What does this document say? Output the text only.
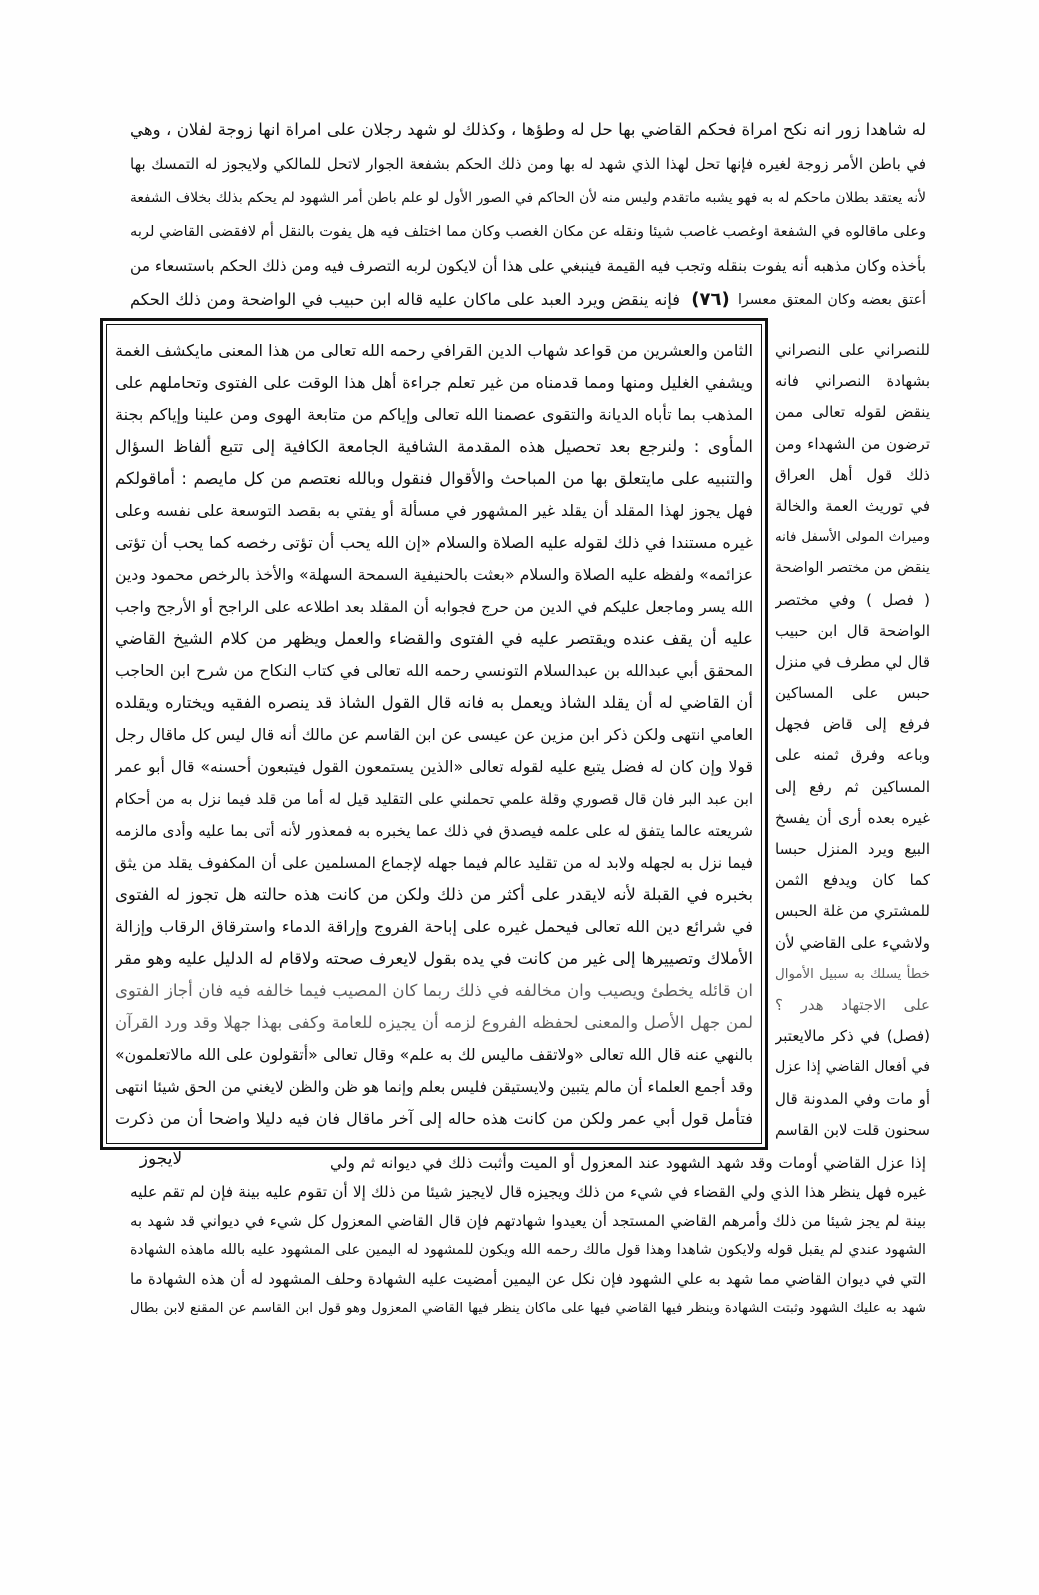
له شاهدا زور انه نكح امراة فحكم القاضي بها حل له وطؤها ، وكذلك لو شهد رجلان على امراة انها زوجة لفلان ، وهي
في باطن الأمر زوجة لغيره فإنها تحل لهذا الذي شهد له بها ومن ذلك الحكم بشفعة الجوار لاتحل للمالكي ولايجوز له التمسك بها
لأنه يعتقد بطلان ماحكم له به فهو يشبه ماتقدم وليس منه لأن الحاكم في الصور الأول لو علم باطن أمر الشهود لم يحكم بذلك بخلاف الشفعة
وعلى ماقالوه في الشفعة اوغصب غاصب شيئا ونقله عن مكان الغصب وكان مما اختلف فيه هل يفوت بالنقل أم لافقضى القاضي لربه
بأخذه وكان مذهبه أنه يفوت بنقله وتجب فيه القيمة فينبغي على هذا أن لايكون لربه التصرف فيه ومن ذلك الحكم باستسعاء من
أعتق بعضه وكان المعتق معسرا
(٧٦)
فإنه ينقض ويرد العبد على ماكان عليه قاله ابن حبيب في الواضحة ومن ذلك الحكم
الثامن والعشرين من قواعد شهاب الدين القرافي رحمه الله تعالى من هذا المعنى مايكشف الغمة
ويشفي الغليل ومنها ومما قدمناه من غير تعلم جراءة أهل هذا الوقت على الفتوى وتحاملهم على
المذهب بما تأباه الديانة والتقوى عصمنا الله تعالى وإياكم من متابعة الهوى ومن علينا وإياكم بجنة
المأوى : ولنرجع بعد تحصيل هذه المقدمة الشافية الجامعة الكافية إلى تتبع ألفاظ السؤال
والتنبيه على مايتعلق بها من المباحث والأقوال فنقول وبالله نعتصم من كل مايصم : أماقولكم
فهل يجوز لهذا المقلد أن يقلد غير المشهور في مسألة أو يفتي به بقصد التوسعة على نفسه وعلى
غيره مستندا في ذلك لقوله عليه الصلاة والسلام «إن الله يحب أن تؤتى رخصه كما يحب أن تؤتى
عزائمه» ولفظه عليه الصلاة والسلام «بعثت بالحنيفية السمحة السهلة» والأخذ بالرخص محمود ودين
الله يسر وماجعل عليكم في الدين من حرج فجوابه أن المقلد بعد اطلاعه على الراجح أو الأرجح واجب
عليه أن يقف عنده ويقتصر عليه في الفتوى والقضاء والعمل ويظهر من كلام الشيخ القاضي
المحقق أبي عبدالله بن عبدالسلام التونسي رحمه الله تعالى في كتاب النكاح من شرح ابن الحاجب
أن القاضي له أن يقلد الشاذ ويعمل به فانه قال القول الشاذ قد ينصره الفقيه ويختاره ويقلده
العامي انتهى ولكن ذكر ابن مزين عن عيسى عن ابن القاسم عن مالك أنه قال ليس كل ماقال رجل
قولا وإن كان له فضل يتبع عليه لقوله تعالى «الذين يستمعون القول فيتبعون أحسنه» قال أبو عمر
ابن عبد البر فان قال قصوري وقلة علمي تحملني على التقليد قيل له أما من قلد فيما نزل به من أحكام
شريعته عالما يتفق له على علمه فيصدق في ذلك عما يخبره به فمعذور لأنه أتى بما عليه وأدى مالزمه
فيما نزل به لجهله ولابد له من تقليد عالم فيما جهله لإجماع المسلمين على أن المكفوف يقلد من يثق
بخبره في القبلة لأنه لايقدر على أكثر من ذلك ولكن من كانت هذه حالته هل تجوز له الفتوى
في شرائع دين الله تعالى فيحمل غيره على إباحة الفروج وإراقة الدماء واسترقاق الرقاب وإزالة
الأملاك وتصييرها إلى غير من كانت في يده بقول لايعرف صحته ولاقام له الدليل عليه وهو مقر
ان قائله يخطئ ويصيب وان مخالفه في ذلك ربما كان المصيب فيما خالفه فيه فان أجاز الفتوى
لمن جهل الأصل والمعنى لحفظه الفروع لزمه أن يجيزه للعامة وكفى بهذا جهلا وقد ورد القرآن
بالنهي عنه قال الله تعالى «ولاتقف ماليس لك به علم» وقال تعالى «أتقولون على الله مالاتعلمون»
وقد أجمع العلماء أن مالم يتبين ولايستيقن فليس بعلم وإنما هو ظن والظن لايغني من الحق شيئا انتهى
فتأمل قول أبي عمر ولكن من كانت هذه حاله إلى آخر ماقال فان فيه دليلا واضحا أن من ذكرت
للنصراني على النصراني
بشهادة النصراني فانه
ينقض لقوله تعالى ممن
ترضون من الشهداء ومن
ذلك قول أهل العراق
في توريث العمة والخالة
وميراث المولى الأسفل فانه
ينقض من مختصر الواضحة
( فصل ) وفي مختصر
الواضحة قال ابن حبيب
قال لي مطرف في منزل
حبس على المساكين
فرفع إلى قاض فجهل
وباعه وفرق ثمنه على
المساكين ثم رفع إلى
غيره بعده أرى أن يفسخ
البيع ويرد المنزل حبسا
كما كان ويدفع الثمن
للمشتري من غلة الحبس
ولاشيء على القاضي لأن
خطأ يسلك به سبيل الأموال
على الاجتهاد هدر ؟
(فصل) في ذكر مالايعتبر
في أفعال القاضي إذا عزل
أو مات وفي المدونة قال
سحنون قلت لابن القاسم
إذا عزل القاضي أومات وقد شهد الشهود عند المعزول أو الميت وأثبت ذلك في ديوانه ثم ولي
لايجوز
غيره فهل ينظر هذا الذي ولي القضاء في شيء من ذلك ويجيزه قال لايجيز شيئا من ذلك إلا أن تقوم عليه بينة فإن لم تقم عليه
بينة لم يجز شيئا من ذلك وأمرهم القاضي المستجد أن يعيدوا شهادتهم فإن قال القاضي المعزول كل شيء في ديواني قد شهد به
الشهود عندي لم يقبل قوله ولايكون شاهدا وهذا قول مالك رحمه الله ويكون للمشهود له اليمين على المشهود عليه بالله ماهذه الشهادة
التي في ديوان القاضي مما شهد به علي الشهود فإن نكل عن اليمين أمضيت عليه الشهادة وحلف المشهود له أن هذه الشهادة ما
شهد به عليك الشهود وثبتت الشهادة وينظر فيها القاضي فيها على ماكان ينظر فيها القاضي المعزول وهو قول ابن القاسم عن المقنع لابن بطال
